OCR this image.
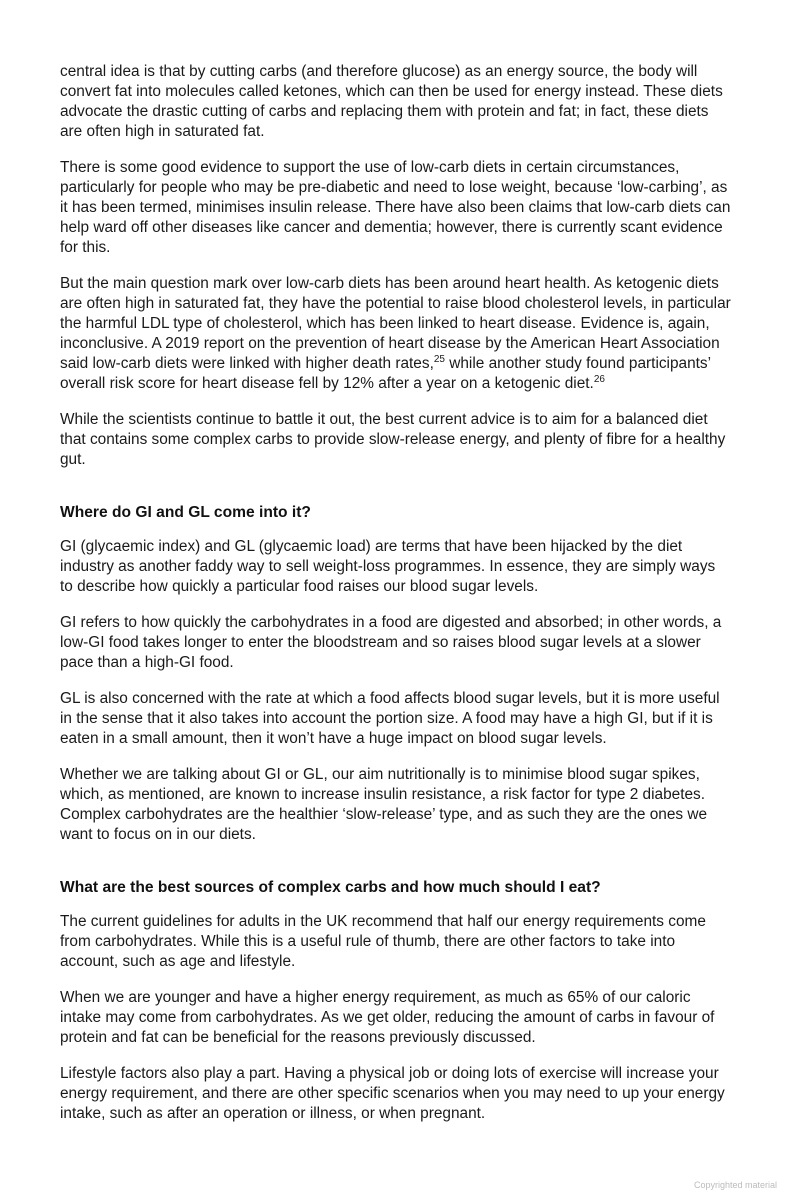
central idea is that by cutting carbs (and therefore glucose) as an energy source, the body will convert fat into molecules called ketones, which can then be used for energy instead. These diets advocate the drastic cutting of carbs and replacing them with protein and fat; in fact, these diets are often high in saturated fat.

There is some good evidence to support the use of low-carb diets in certain circumstances, particularly for people who may be pre-diabetic and need to lose weight, because ‘low-carbing’, as it has been termed, minimises insulin release. There have also been claims that low-carb diets can help ward off other diseases like cancer and dementia; however, there is currently scant evidence for this.

But the main question mark over low-carb diets has been around heart health. As ketogenic diets are often high in saturated fat, they have the potential to raise blood cholesterol levels, in particular the harmful LDL type of cholesterol, which has been linked to heart disease. Evidence is, again, inconclusive. A 2019 report on the prevention of heart disease by the American Heart Association said low-carb diets were linked with higher death rates,$^{25}$ while another study found participants’ overall risk score for heart disease fell by 12% after a year on a ketogenic diet.$^{26}$

While the scientists continue to battle it out, the best current advice is to aim for a balanced diet that contains some complex carbs to provide slow-release energy, and plenty of fibre for a healthy gut.

Where do GI and GL come into it?

GI (glycaemic index) and GL (glycaemic load) are terms that have been hijacked by the diet industry as another faddy way to sell weight-loss programmes. In essence, they are simply ways to describe how quickly a particular food raises our blood sugar levels.

GI refers to how quickly the carbohydrates in a food are digested and absorbed; in other words, a low-GI food takes longer to enter the bloodstream and so raises blood sugar levels at a slower pace than a high-GI food.

GL is also concerned with the rate at which a food affects blood sugar levels, but it is more useful in the sense that it also takes into account the portion size. A food may have a high GI, but if it is eaten in a small amount, then it won’t have a huge impact on blood sugar levels.

Whether we are talking about GI or GL, our aim nutritionally is to minimise blood sugar spikes, which, as mentioned, are known to increase insulin resistance, a risk factor for type 2 diabetes. Complex carbohydrates are the healthier ‘slow-release’ type, and as such they are the ones we want to focus on in our diets.

What are the best sources of complex carbs and how much should I eat?

The current guidelines for adults in the UK recommend that half our energy requirements come from carbohydrates. While this is a useful rule of thumb, there are other factors to take into account, such as age and lifestyle.

When we are younger and have a higher energy requirement, as much as 65% of our caloric intake may come from carbohydrates. As we get older, reducing the amount of carbs in favour of protein and fat can be beneficial for the reasons previously discussed.

Lifestyle factors also play a part. Having a physical job or doing lots of exercise will increase your energy requirement, and there are other specific scenarios when you may need to up your energy intake, such as after an operation or illness, or when pregnant.

Copyrighted material
